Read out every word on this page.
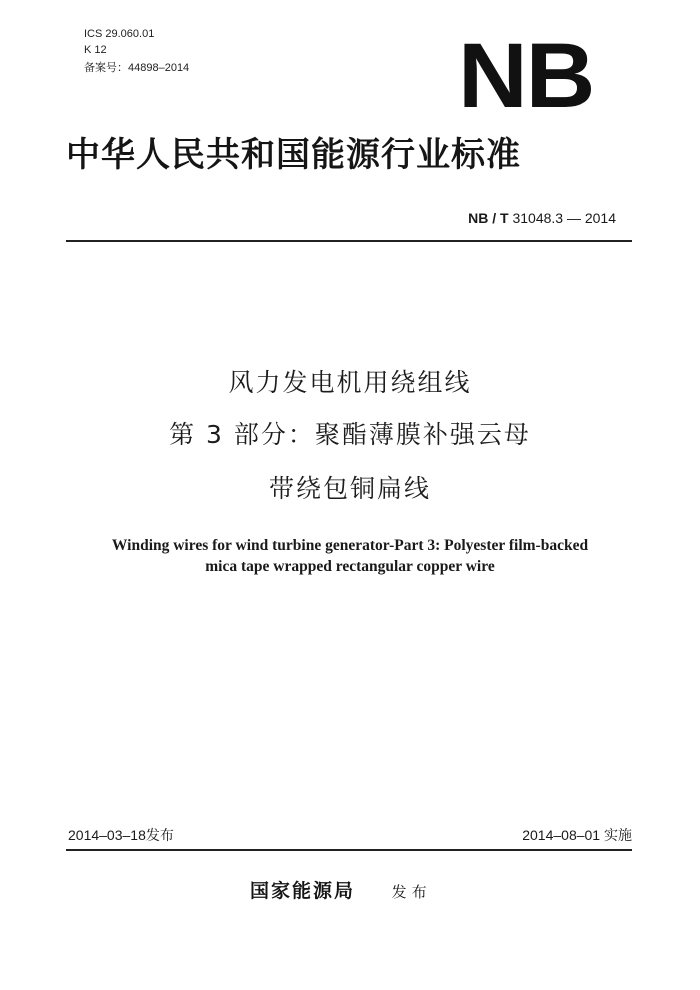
ICS 29.060.01
K 12
备案号：44898–2014	NB
中华人民共和国能源行业标准
NB / T 31048.3 — 2014
风力发电机用绕组线
第 3 部分：聚酯薄膜补强云母
带绕包铜扁线
Winding wires for wind turbine generator-Part 3: Polyester film-backed
mica tape wrapped rectangular copper wire
2014–03–18发布	2014–08–01 实施
国家能源局 发布
